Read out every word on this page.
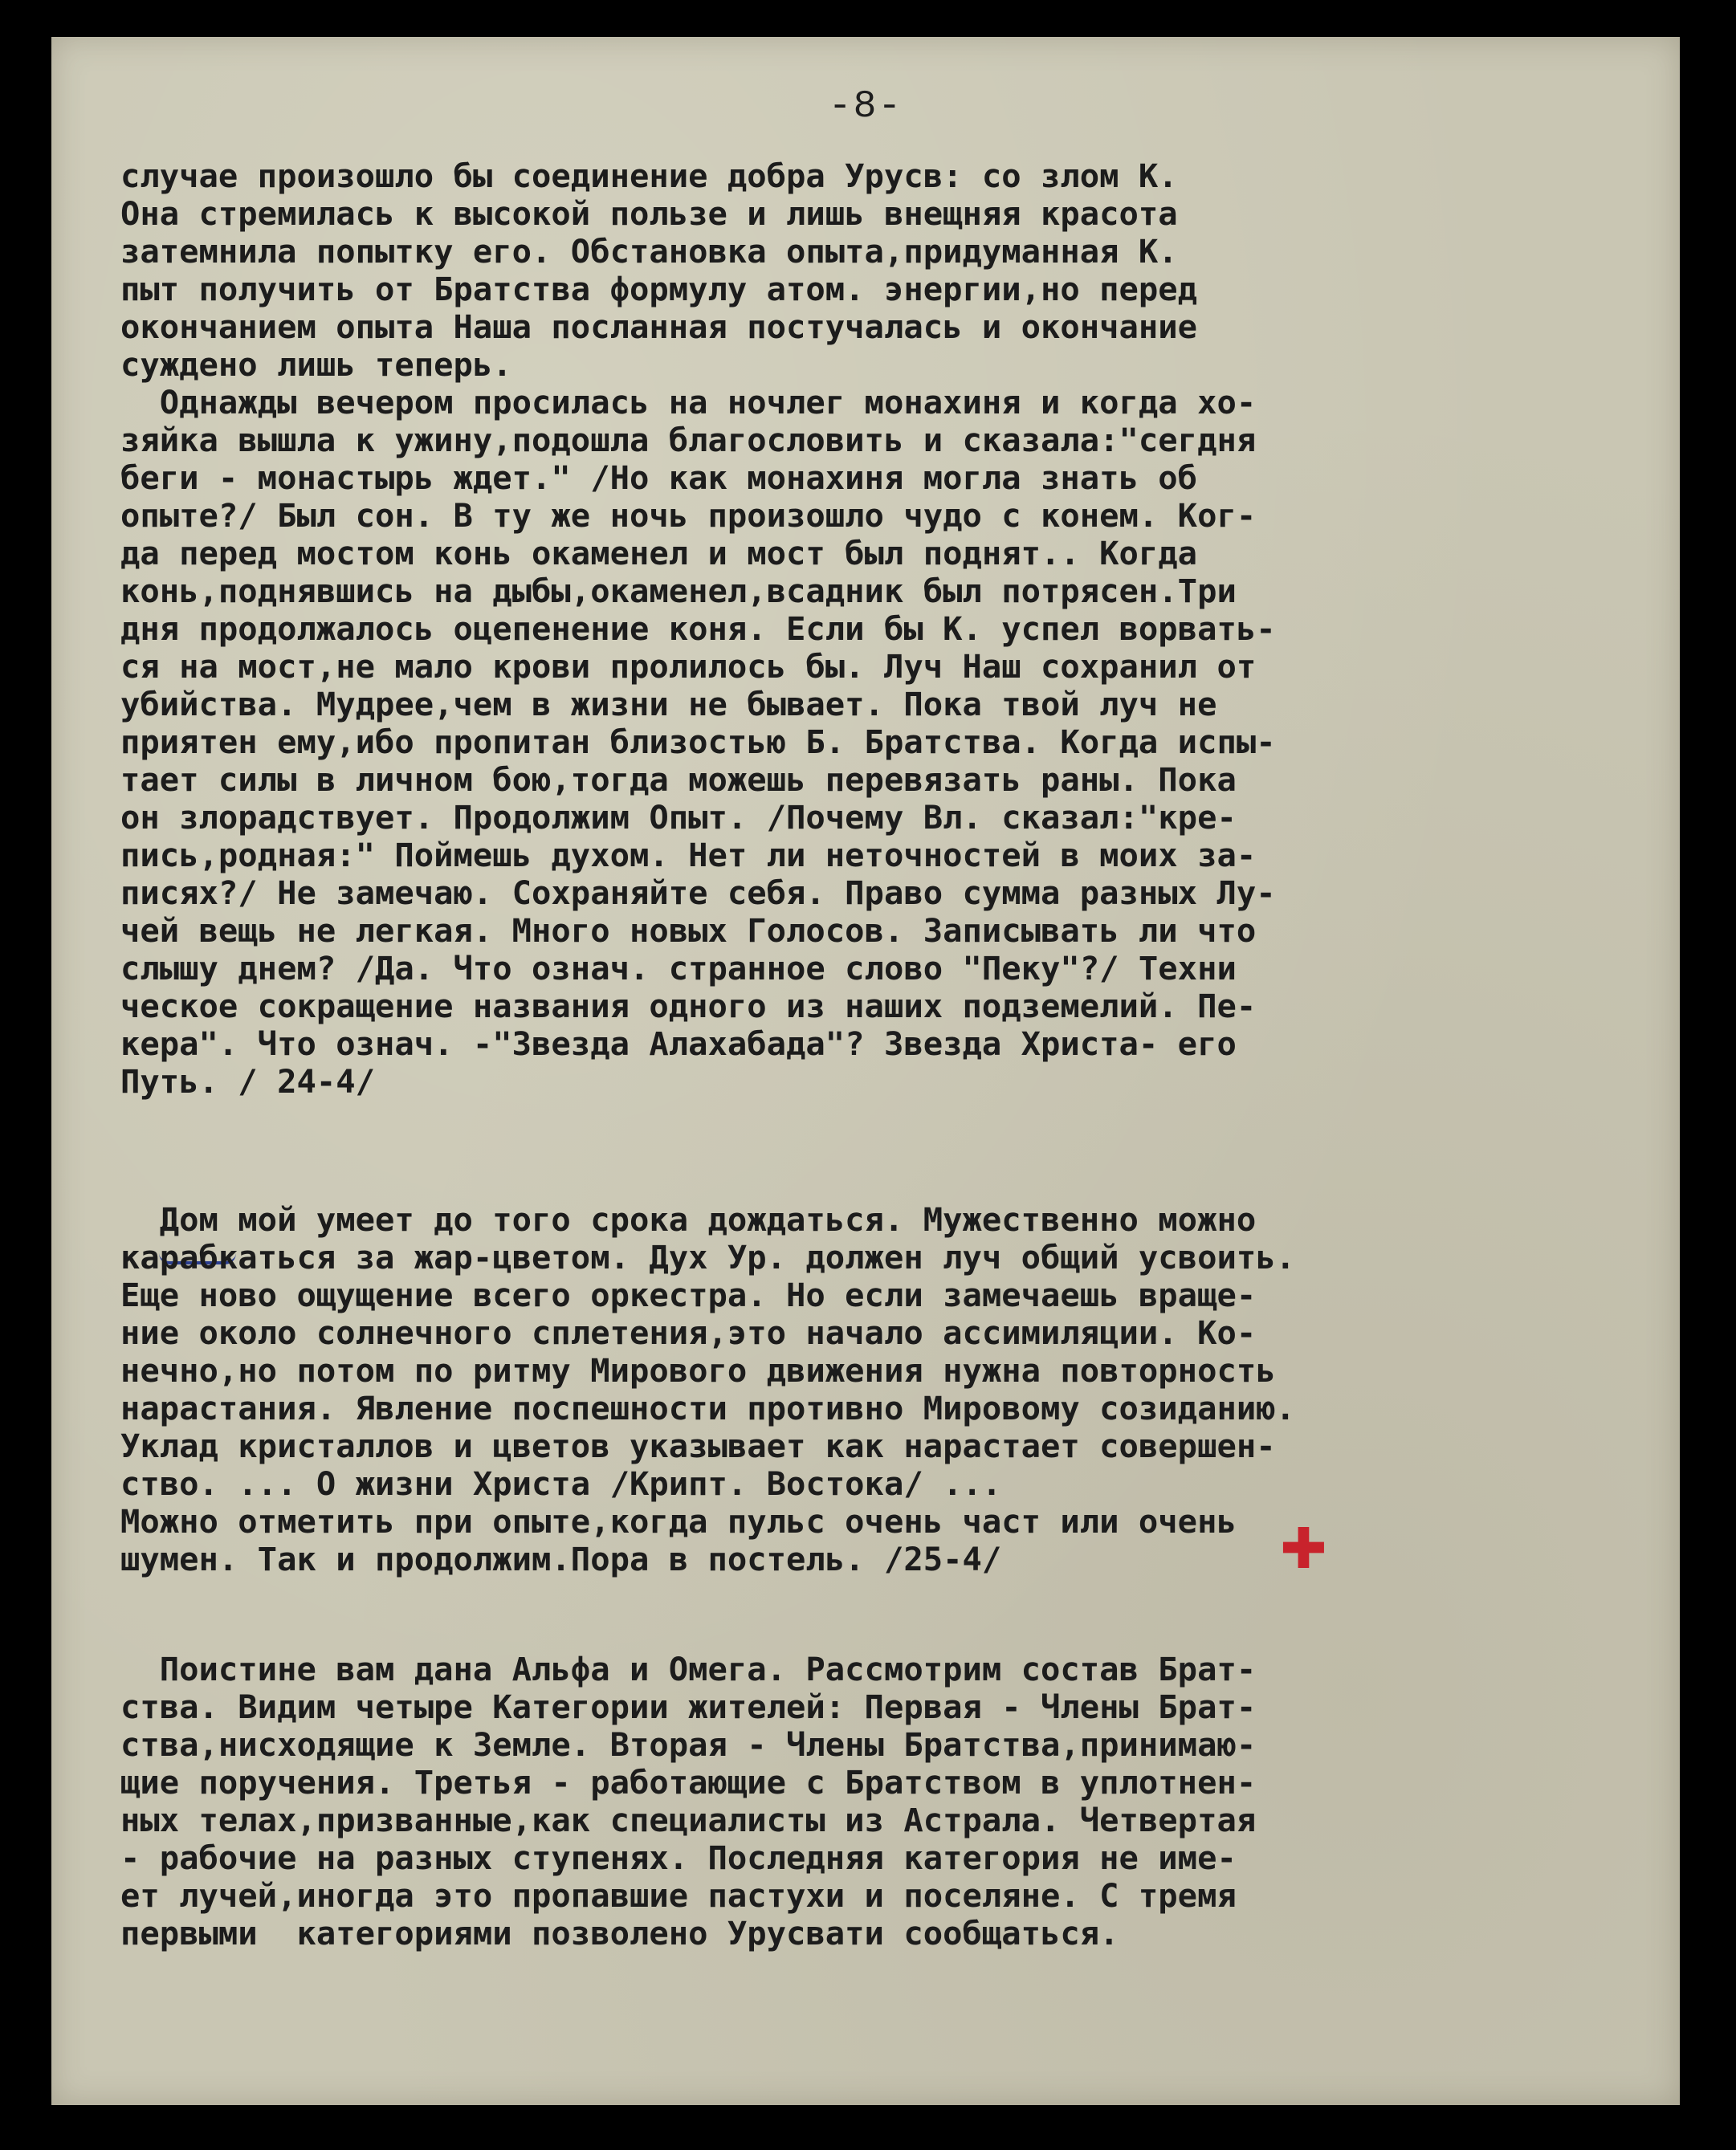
-8-
случае произошло бы соединение добра Урусв: со злом К.
Она стремилась к высокой пользе и лишь внещняя красота
затемнила попытку его. Обстановка опыта,придуманная К.
пыт получить от Братства формулу атом. энергии,но перед
окончанием опыта Наша посланная постучалась и окончание
суждено лишь теперь.
Однажды вечером просилась на ночлег монахиня и когда хо-
зяйка вышла к ужину,подошла благословить и сказала:"сегдня
беги - монастырь ждет." /Но как монахиня могла знать об
опыте?/ Был сон. В ту же ночь произошло чудо с конем. Ког-
да перед мостом конь окаменел и мост был поднят.. Когда
конь,поднявшись на дыбы,окаменел,всадник был потрясен.Три
дня продолжалось оцепенение коня. Если бы К. успел ворвать-
ся на мост,не мало крови пролилось бы. Луч Наш сохранил от
убийства. Мудрее,чем в жизни не бывает. Пока твой луч не
приятен ему,ибо пропитан близостью Б. Братства. Когда испы-
тает силы в личном бою,тогда можешь перевязать раны. Пока
он злорадствует. Продолжим Опыт. /Почему Вл. сказал:"кре-
пись,родная:" Поймешь духом. Нет ли неточностей в моих за-
писях?/ Не замечаю. Сохраняйте себя. Право сумма разных Лу-
чей вещь не легкая. Много новых Голосов. Записывать ли что
слышу днем? /Да. Что означ. странное слово "Пеку"?/ Техни
ческое сокращение названия одного из наших подземелий. Пе-
кера". Что означ. -"Звезда Алахабада"? Звезда Христа- его
Путь. / 24-4/
Дом мой умеет до того срока дождаться. Мужественно можно
карабкаться за жар-цветом. Дух Ур. должен луч общий усвоить.
Еще ново ощущение всего оркестра. Но если замечаешь враще-
ние около солнечного сплетения,это начало ассимиляции. Ко-
нечно,но потом по ритму Мирового движения нужна повторность
нарастания. Явление поспешности противно Мировому созиданию.
Уклад кристаллов и цветов указывает как нарастает совершен-
ство. ... О жизни Христа /Крипт. Востока/ ...
Можно отметить при опыте,когда пульс очень част или очень
шумен. Так и продолжим.Пора в постель. /25-4/	✚
Поистине вам дана Альфа и Омега. Рассмотрим состав Брат-
ства. Видим четыре Категории жителей: Первая - Члены Брат-
ства,нисходящие к Земле. Вторая - Члены Братства,принимаю-
щие поручения. Третья - работающие с Братством в уплотнен-
ных телах,призванные,как специалисты из Астрала. Четвертая
- рабочие на разных ступенях. Последняя категория не име-
ет лучей,иногда это пропавшие пастухи и поселяне. С тремя
первыми  категориями позволено Урусвати сообщаться.
